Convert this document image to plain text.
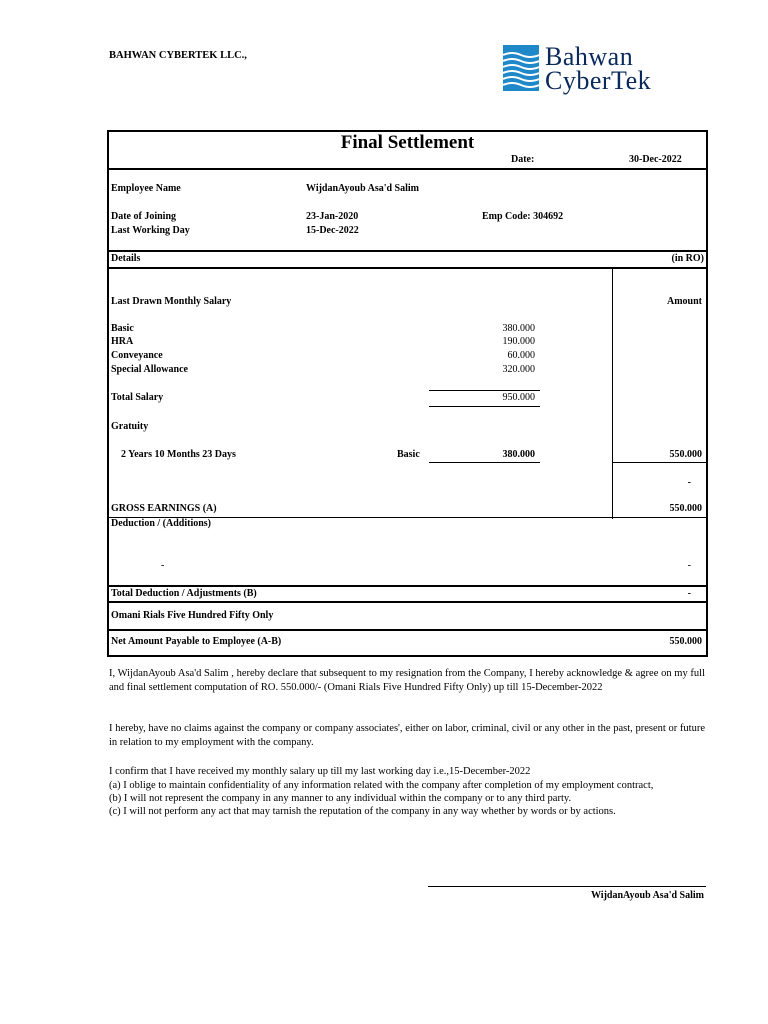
BAHWAN CYBERTEK LLC.,	Bahwan
CyberTek
Final Settlement
Date:	30-Dec-2022
Employee Name	WijdanAyoub Asa'd Salim
Date of Joining	23-Jan-2020	Emp Code: 304692
Last Working Day	15-Dec-2022
Details	(in RO)
Last Drawn Monthly Salary	Amount
Basic	380.000
HRA	190.000
Conveyance	60.000
Special Allowance	320.000
Total Salary	950.000
Gratuity
2 Years 10 Months 23 Days	Basic	380.000	550.000
-
GROSS EARNINGS (A)	550.000
Deduction / (Additions)
-	-
Total Deduction / Adjustments (B)	-
Omani Rials Five Hundred Fifty Only
Net Amount Payable to Employee (A-B)	550.000
I, WijdanAyoub Asa'd Salim , hereby declare that subsequent to my resignation from the Company, I hereby acknowledge & agree on my full and final settlement computation of RO. 550.000/- (Omani Rials Five Hundred Fifty Only) up till 15-December-2022
I hereby, have no claims against the company or company associates', either on labor, criminal, civil or any other in the past, present or future in relation to my employment with the company.
I confirm that I have received my monthly salary up till my last working day i.e.,15-December-2022
(a) I oblige to maintain confidentiality of any information related with the company after completion of my employment contract,
(b) I will not represent the company in any manner to any individual within the company or to any third party.
(c) I will not perform any act that may tarnish the reputation of the company in any way whether by words or by actions.
WijdanAyoub Asa'd Salim
